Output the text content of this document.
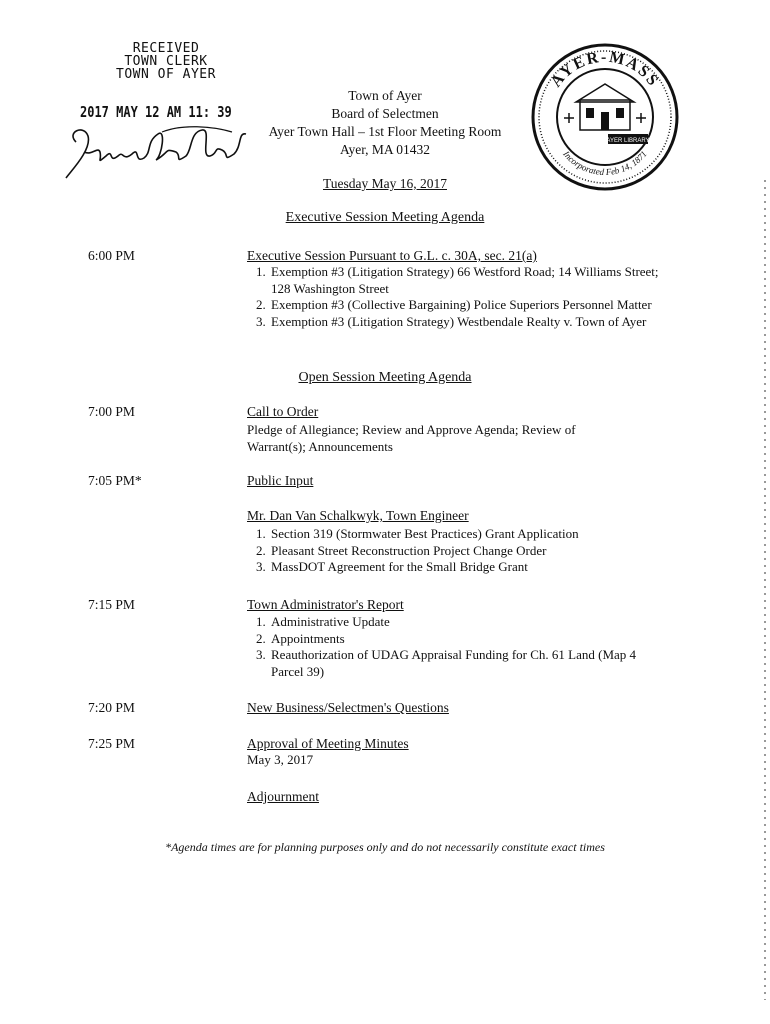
RECEIVED
TOWN CLERK
TOWN OF AYER
2017 MAY 12 AM 11: 39
Town of Ayer
Board of Selectmen
Ayer Town Hall – 1st Floor Meeting Room
Ayer, MA 01432
Tuesday May 16, 2017
AYER-MASS
Incorporated Feb 14, 1871
AYER LIBRARY
Executive Session Meeting Agenda
6:00 PM	Executive Session Pursuant to G.L. c. 30A, sec. 21(a)
1. Exemption #3 (Litigation Strategy) 66 Westford Road; 14 Williams Street; 128 Washington Street
2. Exemption #3 (Collective Bargaining) Police Superiors Personnel Matter
3. Exemption #3 (Litigation Strategy) Westbendale Realty v. Town of Ayer
Open Session Meeting Agenda
7:00 PM	Call to Order
Pledge of Allegiance; Review and Approve Agenda; Review of Warrant(s); Announcements
7:05 PM*	Public Input
Mr. Dan Van Schalkwyk, Town Engineer
1. Section 319 (Stormwater Best Practices) Grant Application
2. Pleasant Street Reconstruction Project Change Order
3. MassDOT Agreement for the Small Bridge Grant
7:15 PM	Town Administrator's Report
1. Administrative Update
2. Appointments
3. Reauthorization of UDAG Appraisal Funding for Ch. 61 Land (Map 4 Parcel 39)
7:20 PM	New Business/Selectmen's Questions
7:25 PM	Approval of Meeting Minutes
May 3, 2017
Adjournment
*Agenda times are for planning purposes only and do not necessarily constitute exact times
